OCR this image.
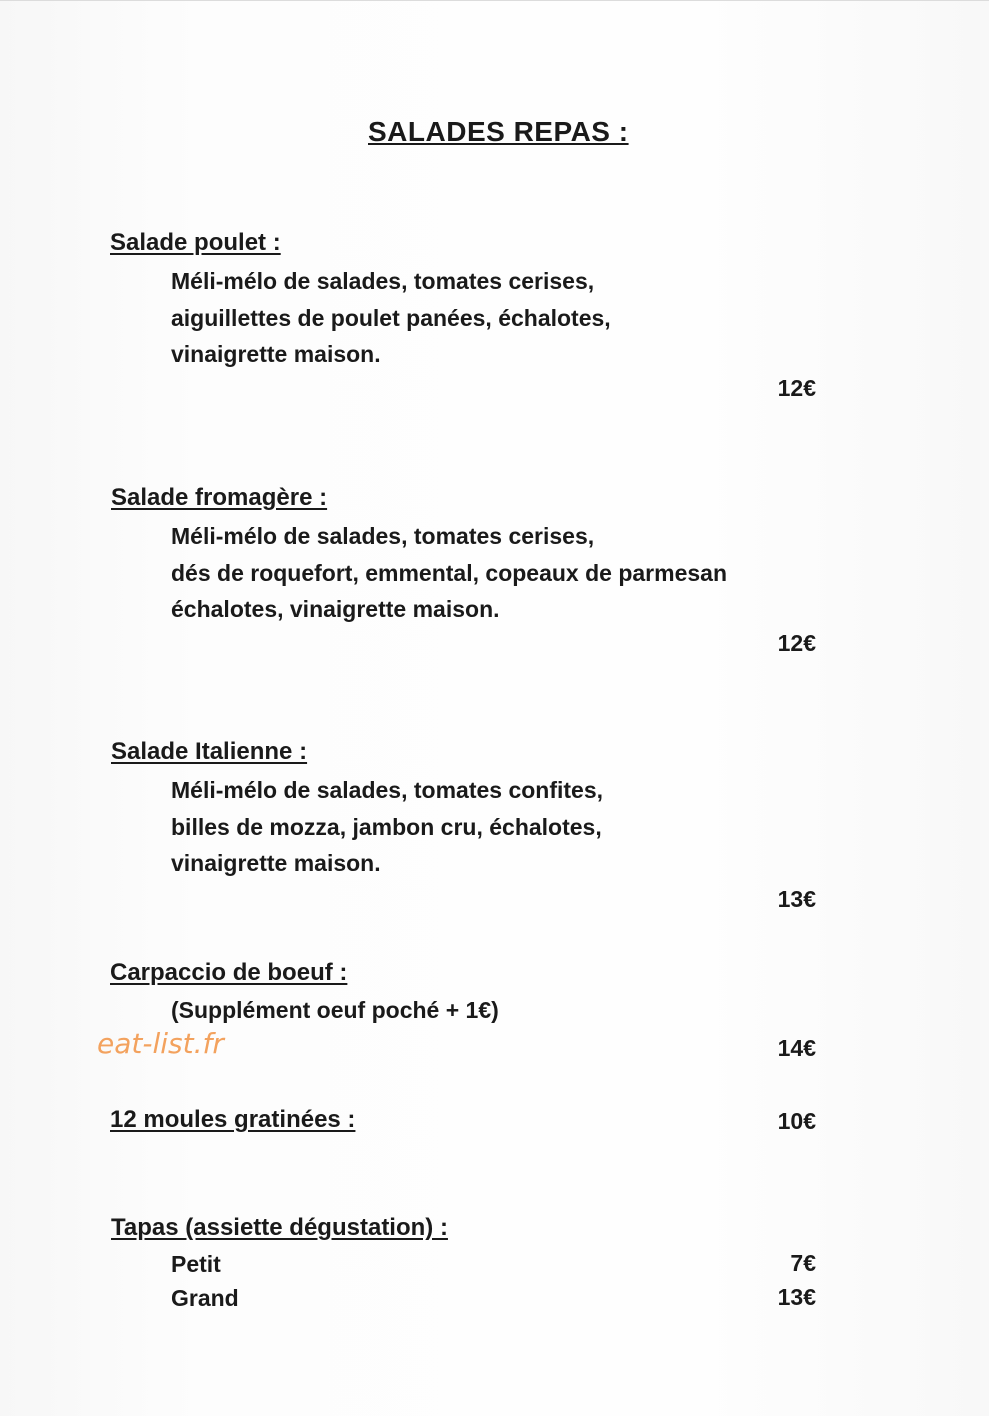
SALADES REPAS :
Salade poulet :
Méli-mélo de salades, tomates cerises,
aiguillettes de poulet panées, échalotes,
vinaigrette maison.
12€
Salade fromagère :
Méli-mélo de salades, tomates cerises,
dés de roquefort, emmental, copeaux de parmesan
échalotes, vinaigrette maison.
12€
Salade Italienne :
Méli-mélo de salades, tomates confites,
billes de mozza, jambon cru, échalotes,
vinaigrette maison.
13€
Carpaccio de boeuf :
(Supplément oeuf poché + 1€)
14€
eat-list.fr
12 moules gratinées :	10€
Tapas (assiette dégustation) :
Petit	7€
Grand	13€
